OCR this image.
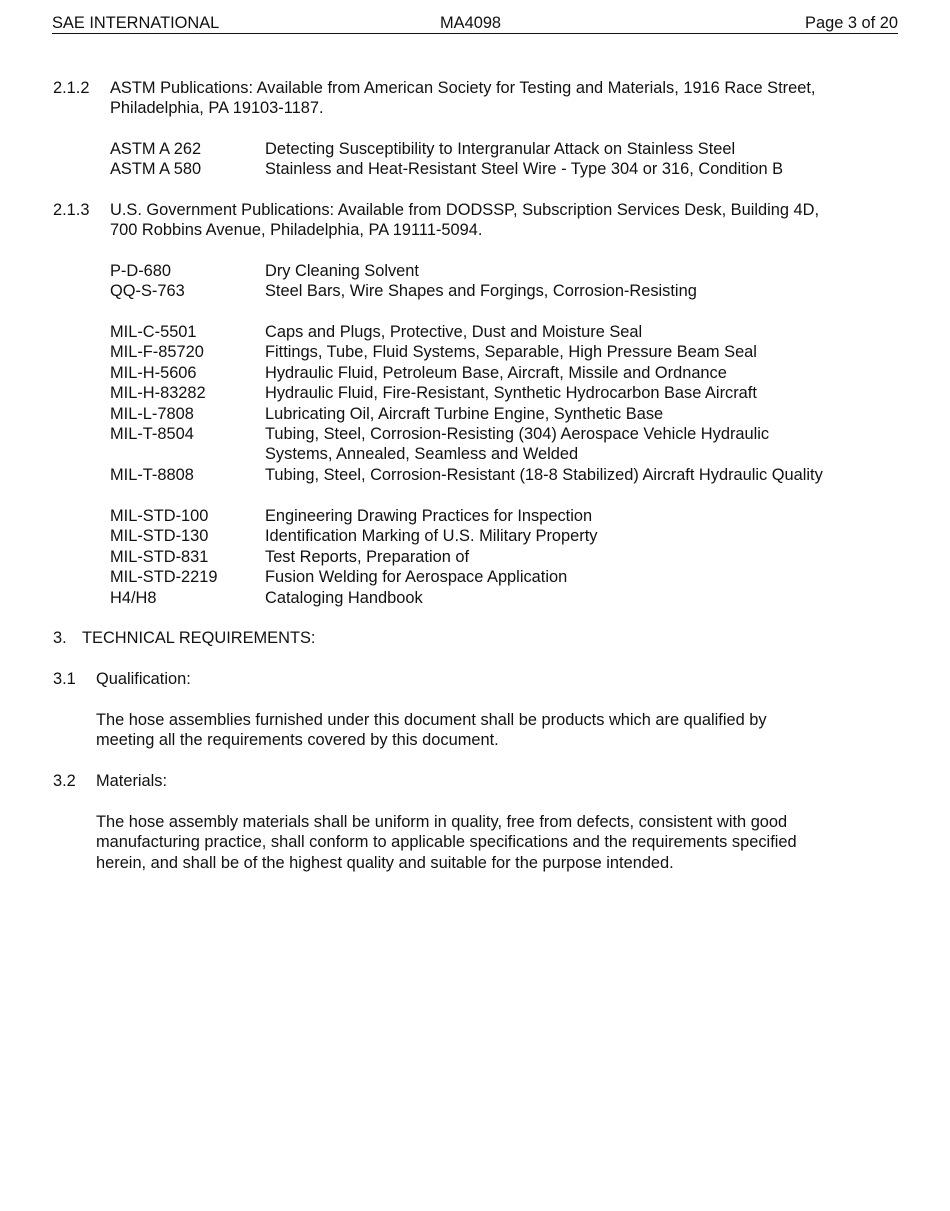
SAE INTERNATIONAL	MA4098	Page 3 of 20
2.1.2 ASTM Publications: Available from American Society for Testing and Materials, 1916 Race Street,
Philadelphia, PA 19103-1187.
ASTM A 262	Detecting Susceptibility to Intergranular Attack on Stainless Steel
ASTM A 580	Stainless and Heat-Resistant Steel Wire - Type 304 or 316, Condition B
2.1.3 U.S. Government Publications: Available from DODSSP, Subscription Services Desk, Building 4D,
700 Robbins Avenue, Philadelphia, PA 19111-5094.
P-D-680	Dry Cleaning Solvent
QQ-S-763	Steel Bars, Wire Shapes and Forgings, Corrosion-Resisting
MIL-C-5501	Caps and Plugs, Protective, Dust and Moisture Seal
MIL-F-85720	Fittings, Tube, Fluid Systems, Separable, High Pressure Beam Seal
MIL-H-5606	Hydraulic Fluid, Petroleum Base, Aircraft, Missile and Ordnance
MIL-H-83282	Hydraulic Fluid, Fire-Resistant, Synthetic Hydrocarbon Base Aircraft
MIL-L-7808	Lubricating Oil, Aircraft Turbine Engine, Synthetic Base
MIL-T-8504	Tubing, Steel, Corrosion-Resisting (304) Aerospace Vehicle Hydraulic
Systems, Annealed, Seamless and Welded
MIL-T-8808	Tubing, Steel, Corrosion-Resistant (18-8 Stabilized) Aircraft Hydraulic Quality
MIL-STD-100	Engineering Drawing Practices for Inspection
MIL-STD-130	Identification Marking of U.S. Military Property
MIL-STD-831	Test Reports, Preparation of
MIL-STD-2219	Fusion Welding for Aerospace Application
H4/H8	Cataloging Handbook
3. TECHNICAL REQUIREMENTS:
3.1 Qualification:
The hose assemblies furnished under this document shall be products which are qualified by
meeting all the requirements covered by this document.
3.2 Materials:
The hose assembly materials shall be uniform in quality, free from defects, consistent with good
manufacturing practice, shall conform to applicable specifications and the requirements specified
herein, and shall be of the highest quality and suitable for the purpose intended.
